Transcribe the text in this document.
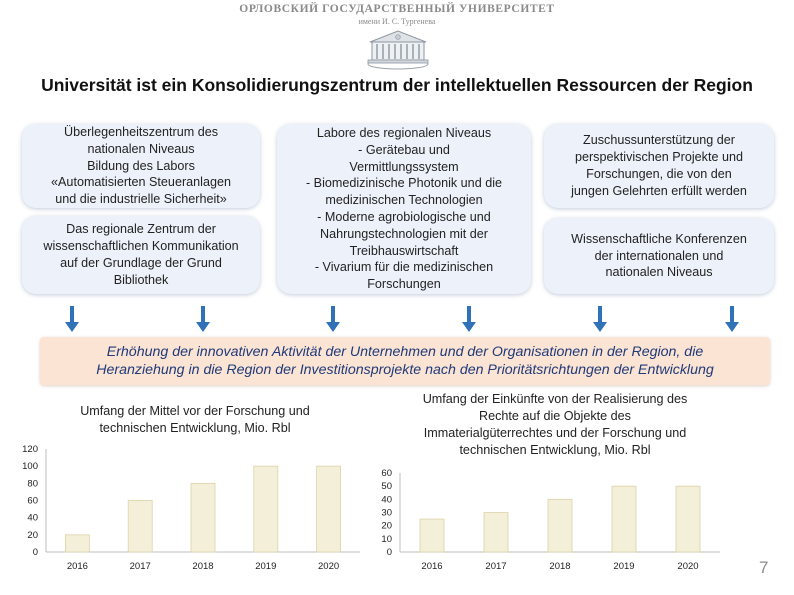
ОРЛОВСКИЙ ГОСУДАРСТВЕННЫЙ УНИВЕРСИТЕТ
имени И. С. Тургенева
Universität ist ein Konsolidierungszentrum der intellektuellen Ressourcen der Region
Überlegenheitszentrum des
nationalen Niveaus
Bildung des Labors
«Automatisierten Steueranlagen
und die industrielle Sicherheit»
Das regionale Zentrum der
wissenschaftlichen Kommunikation
auf der Grundlage der Grund
Bibliothek
Labore des regionalen Niveaus
- Gerätebau und
Vermittlungssystem
- Biomedizinische Photonik und die
medizinischen Technologien
- Moderne agrobiologische und
Nahrungstechnologien mit der
Treibhauswirtschaft
- Vivarium für die medizinischen
Forschungen
Zuschussunterstützung der
perspektivischen Projekte und
Forschungen, die von den
jungen Gelehrten erfüllt werden
Wissenschaftliche Konferenzen
der internationalen und
nationalen Niveaus
Erhöhung der innovativen Aktivität der Unternehmen und der Organisationen in der Region, die
Heranziehung in die Region der Investitionsprojekte nach den Prioritätsrichtungen der Entwicklung
Umfang der Mittel vor der Forschung und technischen Entwicklung, Mio. Rbl
Umfang der Einkünfte von der Realisierung des Rechte auf die Objekte des Immaterialgüterrechtes und der Forschung und technischen Entwicklung, Mio. Rbl
0
20
40
60
80
100
120
2016	2017	2018	2019	2020
0
10
20
30
40
50
60
2016	2017	2018	2019	2020	7
